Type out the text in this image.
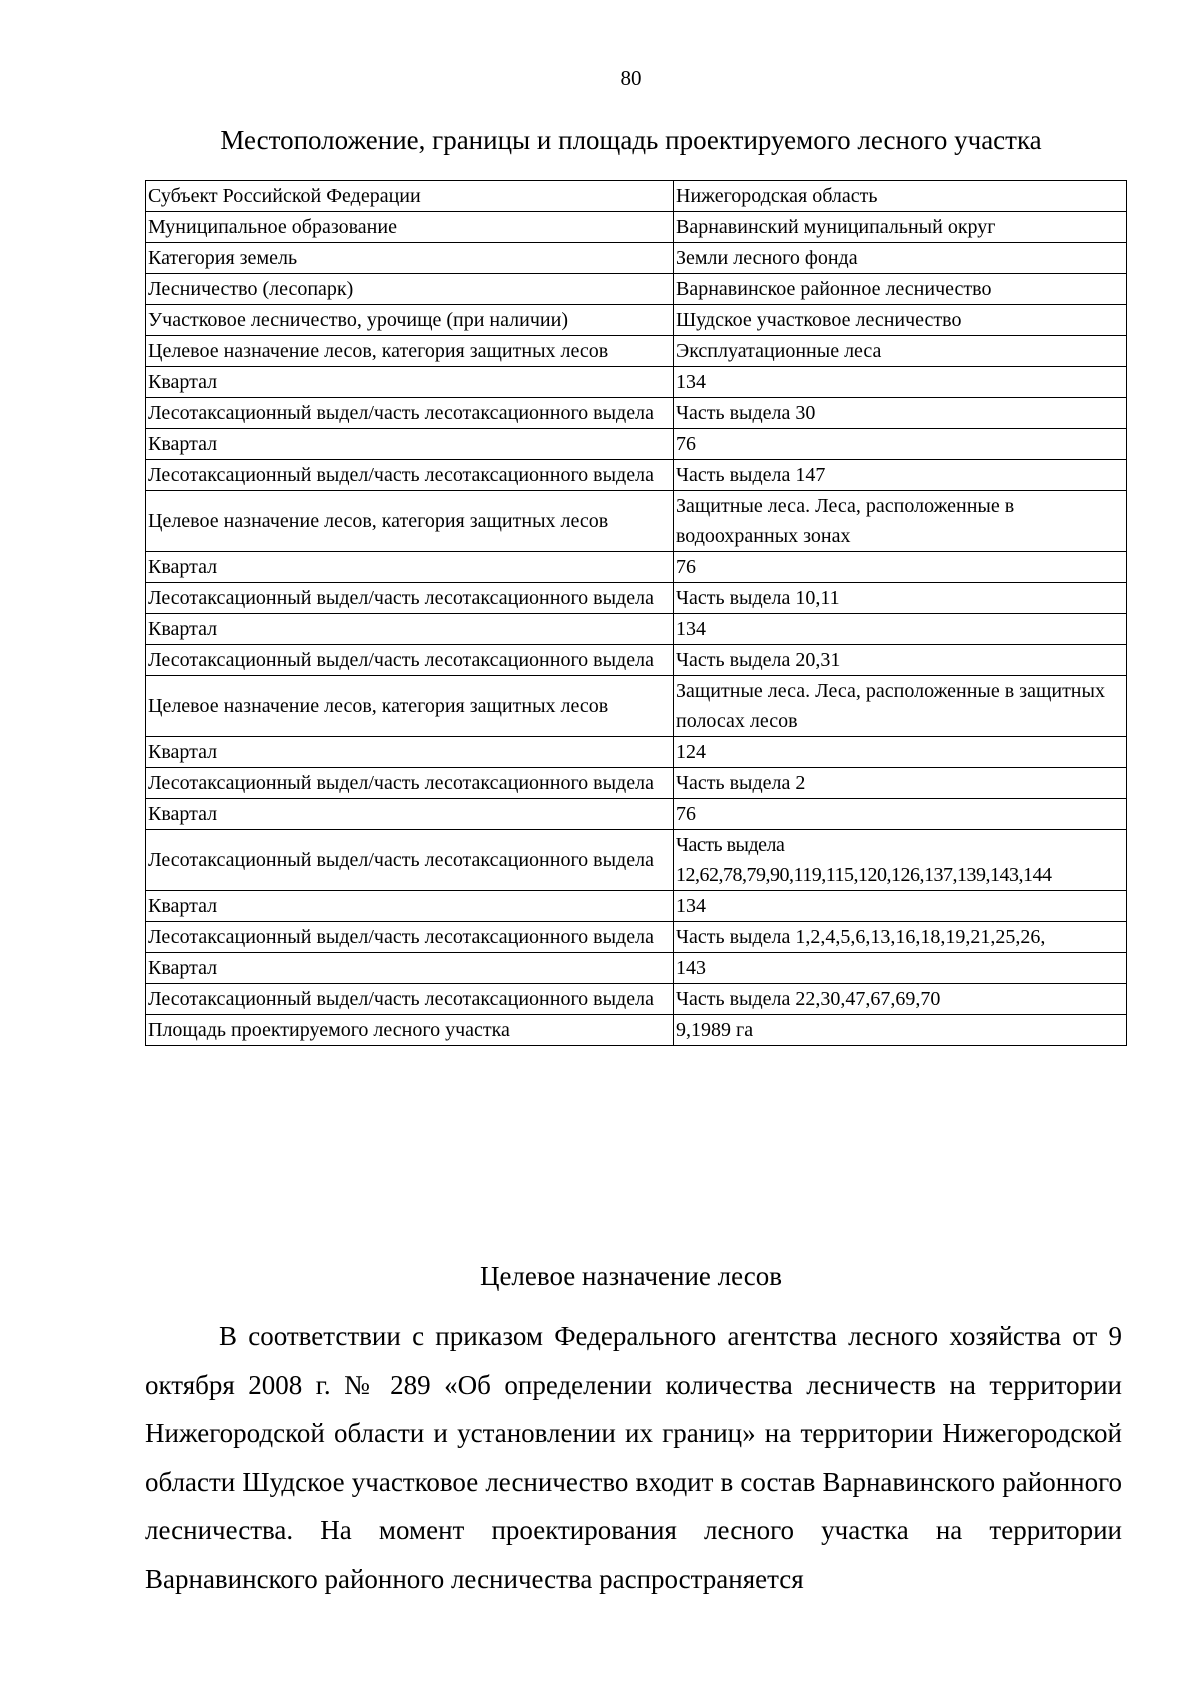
80
Местоположение, границы и площадь проектируемого лесного участка
Субъект Российской Федерации	Нижегородская область
Муниципальное образование	Варнавинский муниципальный округ
Категория земель	Земли лесного фонда
Лесничество (лесопарк)	Варнавинское районное лесничество
Участковое лесничество, урочище (при наличии)	Шудское участковое лесничество
Целевое назначение лесов, категория защитных лесов	Эксплуатационные леса
Квартал	134
Лесотаксационный выдел/часть лесотаксационного выдела	Часть выдела 30
Квартал	76
Лесотаксационный выдел/часть лесотаксационного выдела	Часть выдела 147
Целевое назначение лесов, категория защитных лесов	Защитные леса. Леса, расположенные в водоохранных зонах
Квартал	76
Лесотаксационный выдел/часть лесотаксационного выдела	Часть выдела 10,11
Квартал	134
Лесотаксационный выдел/часть лесотаксационного выдела	Часть выдела 20,31
Целевое назначение лесов, категория защитных лесов	Защитные леса. Леса, расположенные в защитных полосах лесов
Квартал	124
Лесотаксационный выдел/часть лесотаксационного выдела	Часть выдела 2
Квартал	76
Лесотаксационный выдел/часть лесотаксационного выдела	Часть выдела 12,62,78,79,90,119,115,120,126,137,139,143,144
Квартал	134
Лесотаксационный выдел/часть лесотаксационного выдела	Часть выдела 1,2,4,5,6,13,16,18,19,21,25,26,
Квартал	143
Лесотаксационный выдел/часть лесотаксационного выдела	Часть выдела 22,30,47,67,69,70
Площадь проектируемого лесного участка	9,1989 га
Целевое назначение лесов

В соответствии с приказом Федерального агентства лесного хозяйства от 9 октября 2008 г. № 289 «Об определении количества лесничеств на территории Нижегородской области и установлении их границ» на территории Нижегородской области Шудское участковое лесничество входит в состав Варнавинского районного лесничества. На момент проектирования лесного участка на территории Варнавинского районного лесничества распространяется
